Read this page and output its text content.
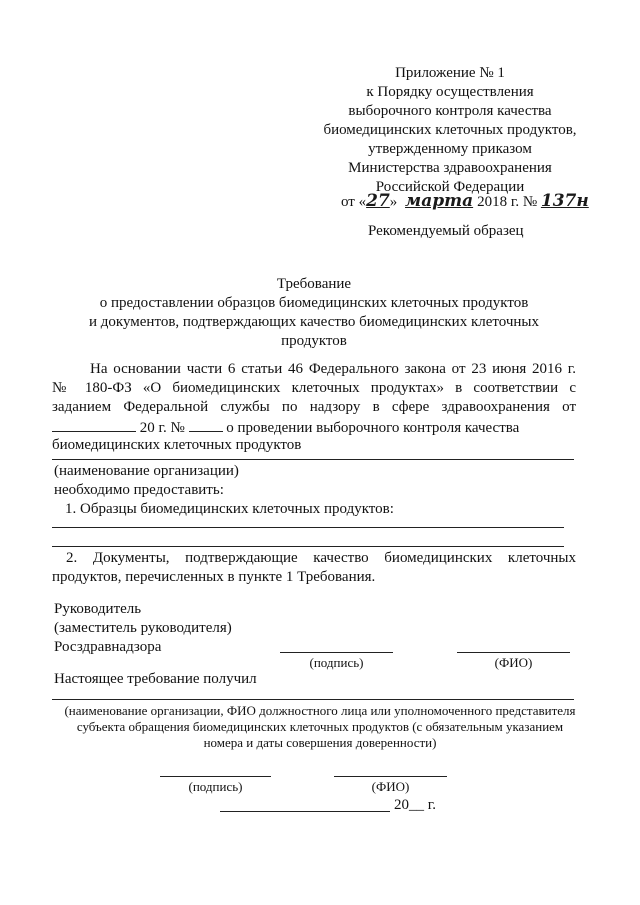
Приложение № 1
к Порядку осуществления
выборочного контроля качества
биомедицинских клеточных продуктов,
утвержденному приказом
Министерства здравоохранения
Российской Федерации
от «27» марта 2018 г. № 137н
Рекомендуемый образец
Требование
о предоставлении образцов биомедицинских клеточных продуктов
и документов, подтверждающих качество биомедицинских клеточных
продуктов
На основании части 6 статьи 46 Федерального закона от 23 июня 2016 г.
№ 180-ФЗ «О биомедицинских клеточных продуктах» в соответствии с
заданием Федеральной службы по надзору в сфере здравоохранения от
20 г. №	о проведении выборочного контроля качества
биомедицинских клеточных продуктов
(наименование организации)
необходимо предоставить:
1. Образцы биомедицинских клеточных продуктов:
2. Документы, подтверждающие качество биомедицинских клеточных
продуктов, перечисленных в пункте 1 Требования.
Руководитель
(заместитель руководителя)
Росздравнадзора
(подпись)	(ФИО)
Настоящее требование получил
(наименование организации, ФИО должностного лица или уполномоченного представителя
субъекта обращения биомедицинских клеточных продуктов (с обязательным указанием
номера и даты совершения доверенности)
(подпись)	(ФИО)
20__ г.
